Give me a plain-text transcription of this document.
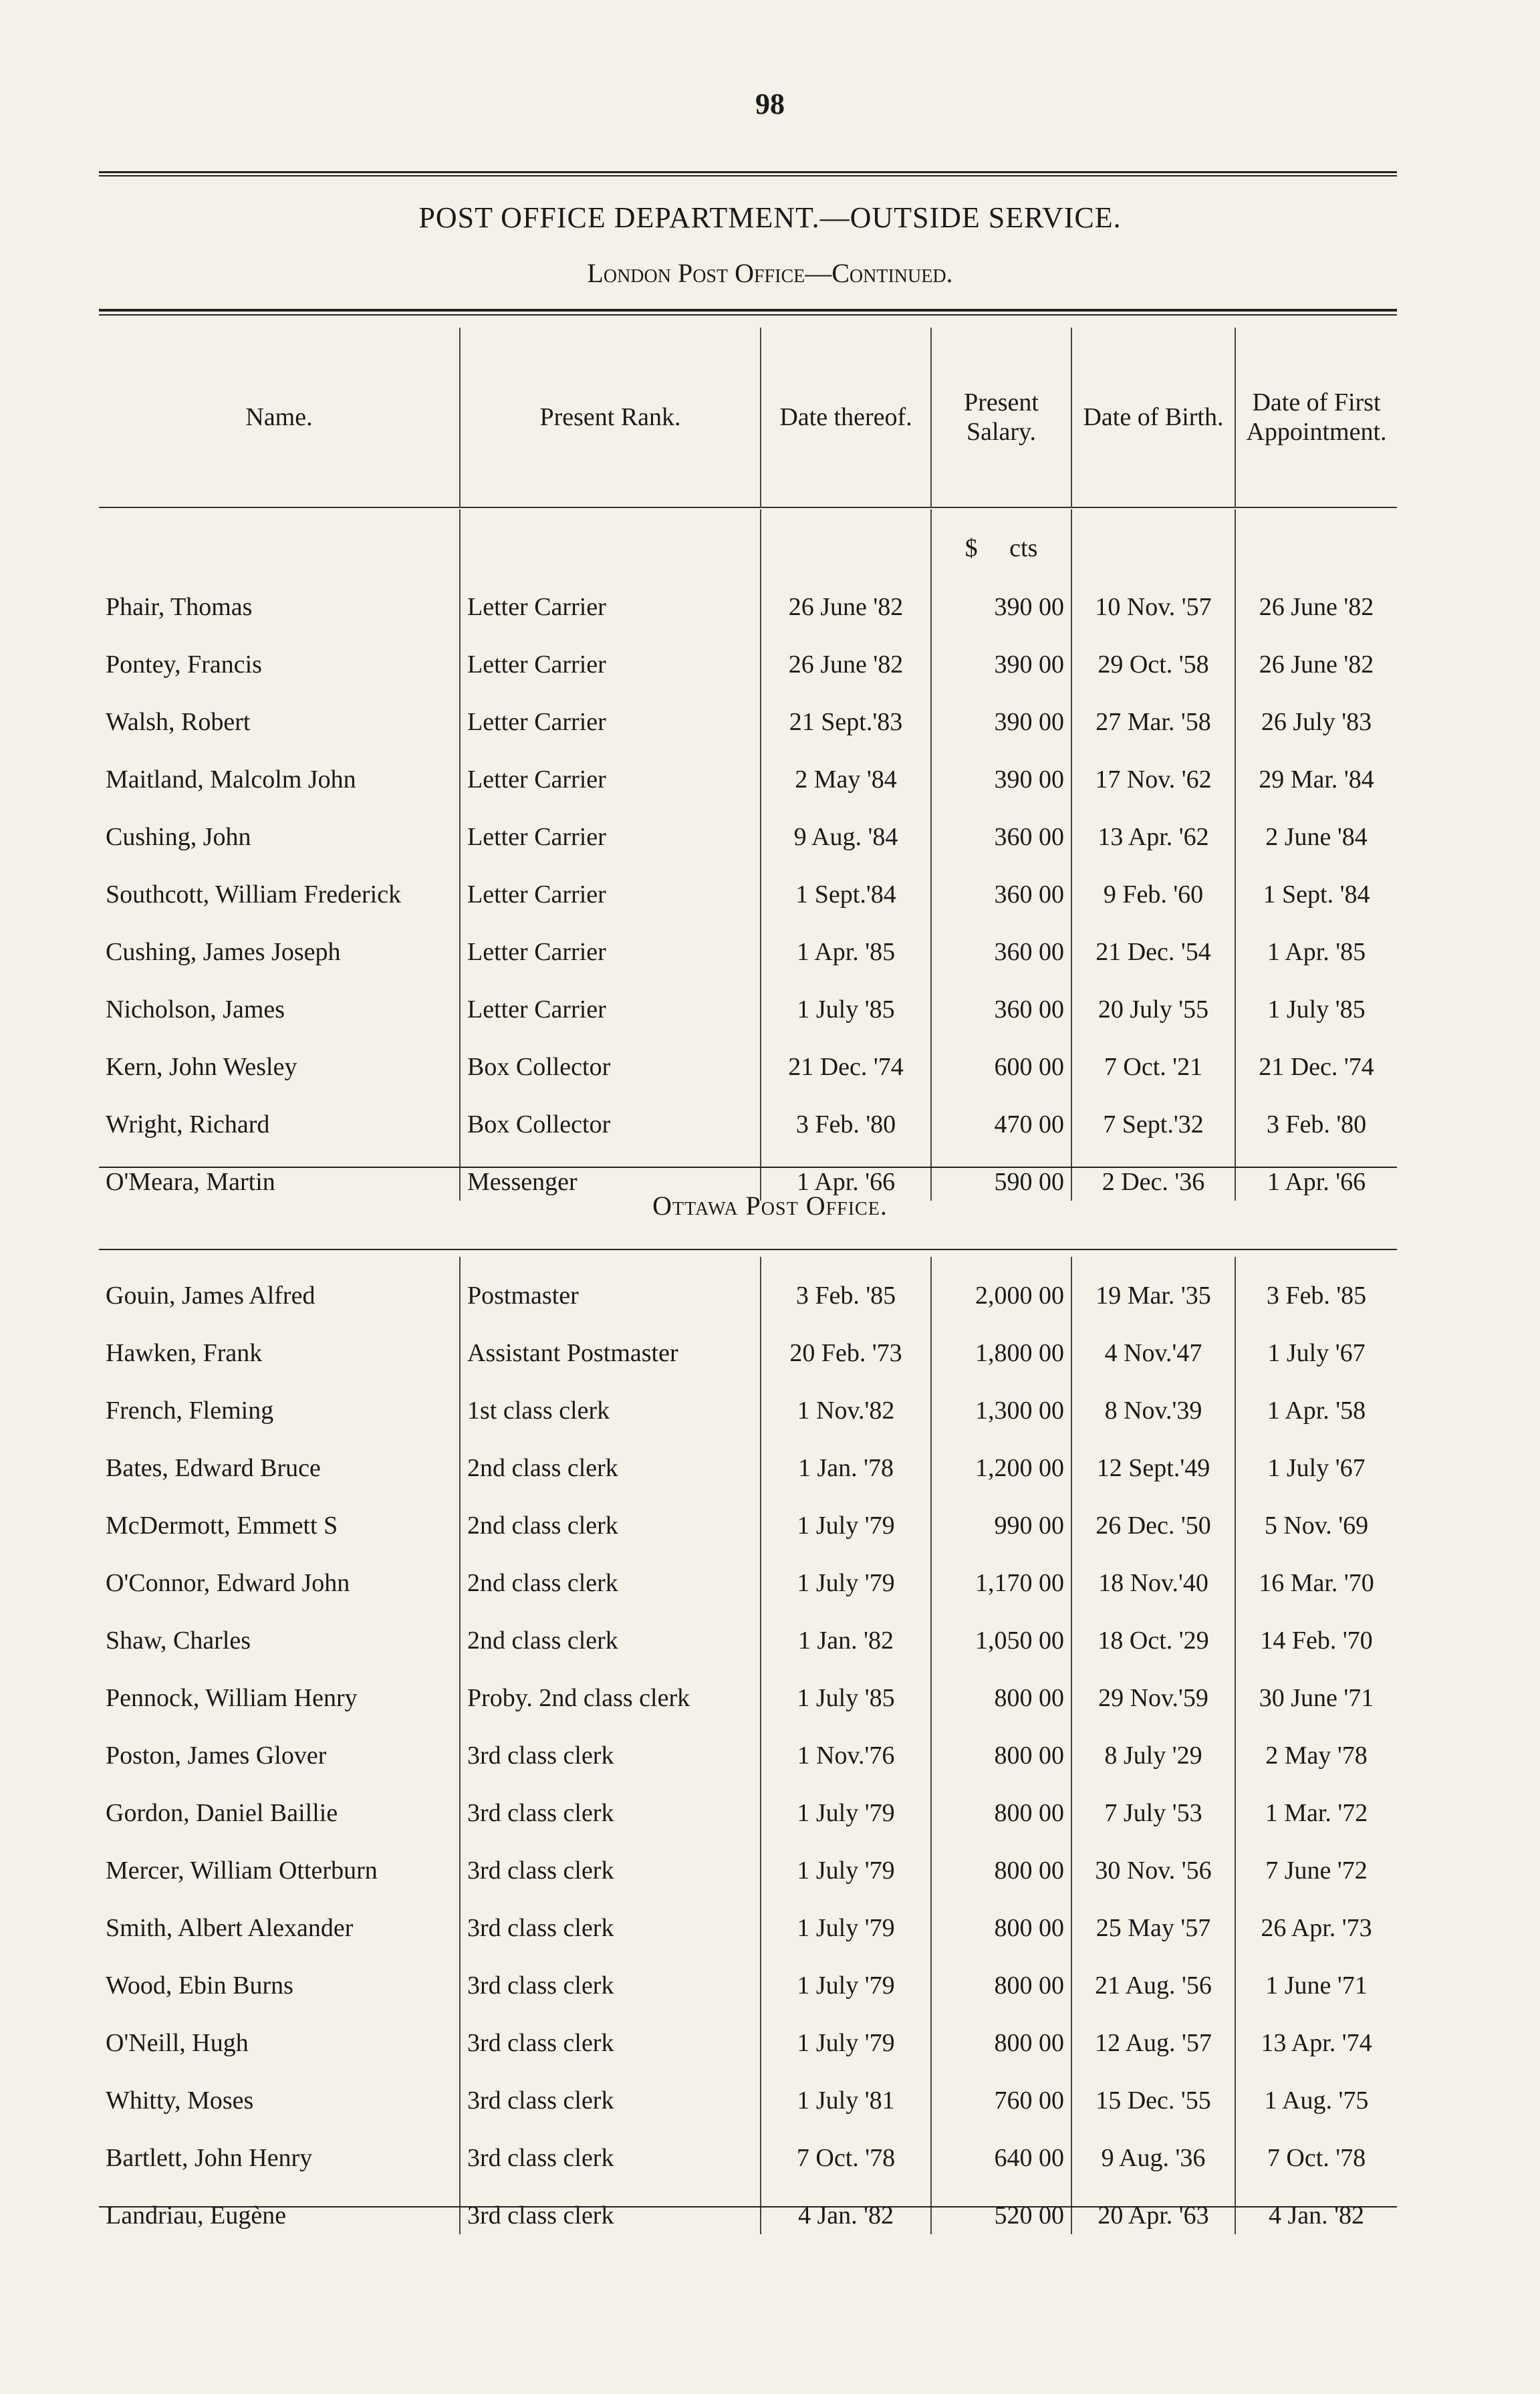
98
POST OFFICE DEPARTMENT.—OUTSIDE SERVICE.
London Post Office—Continued.
Name.	Present Rank.	Date thereof.	Present Salary.	Date of Birth.	Date of First Appointment.
			$ cts		
Phair, Thomas	Letter Carrier	26 June '82	390 00	10 Nov. '57	26 June '82
Pontey, Francis	Letter Carrier	26 June '82	390 00	29 Oct. '58	26 June '82
Walsh, Robert	Letter Carrier	21 Sept.'83	390 00	27 Mar. '58	26 July '83
Maitland, Malcolm John	Letter Carrier	2 May '84	390 00	17 Nov. '62	29 Mar. '84
Cushing, John	Letter Carrier	9 Aug. '84	360 00	13 Apr. '62	2 June '84
Southcott, William Frederick	Letter Carrier	1 Sept.'84	360 00	9 Feb. '60	1 Sept. '84
Cushing, James Joseph	Letter Carrier	1 Apr. '85	360 00	21 Dec. '54	1 Apr. '85
Nicholson, James	Letter Carrier	1 July '85	360 00	20 July '55	1 July '85
Kern, John Wesley	Box Collector	21 Dec. '74	600 00	7 Oct. '21	21 Dec. '74
Wright, Richard	Box Collector	3 Feb. '80	470 00	7 Sept.'32	3 Feb. '80
O'Meara, Martin	Messenger	1 Apr. '66	590 00	2 Dec. '36	1 Apr. '66
Ottawa Post Office.
Gouin, James Alfred	Postmaster	3 Feb. '85	2,000 00	19 Mar. '35	3 Feb. '85
Hawken, Frank	Assistant Postmaster	20 Feb. '73	1,800 00	4 Nov.'47	1 July '67
French, Fleming	1st class clerk	1 Nov.'82	1,300 00	8 Nov.'39	1 Apr. '58
Bates, Edward Bruce	2nd class clerk	1 Jan. '78	1,200 00	12 Sept.'49	1 July '67
McDermott, Emmett S	2nd class clerk	1 July '79	990 00	26 Dec. '50	5 Nov. '69
O'Connor, Edward John	2nd class clerk	1 July '79	1,170 00	18 Nov.'40	16 Mar. '70
Shaw, Charles	2nd class clerk	1 Jan. '82	1,050 00	18 Oct. '29	14 Feb. '70
Pennock, William Henry	Proby. 2nd class clerk	1 July '85	800 00	29 Nov.'59	30 June '71
Poston, James Glover	3rd class clerk	1 Nov.'76	800 00	8 July '29	2 May '78
Gordon, Daniel Baillie	3rd class clerk	1 July '79	800 00	7 July '53	1 Mar. '72
Mercer, William Otterburn	3rd class clerk	1 July '79	800 00	30 Nov. '56	7 June '72
Smith, Albert Alexander	3rd class clerk	1 July '79	800 00	25 May '57	26 Apr. '73
Wood, Ebin Burns	3rd class clerk	1 July '79	800 00	21 Aug. '56	1 June '71
O'Neill, Hugh	3rd class clerk	1 July '79	800 00	12 Aug. '57	13 Apr. '74
Whitty, Moses	3rd class clerk	1 July '81	760 00	15 Dec. '55	1 Aug. '75
Bartlett, John Henry	3rd class clerk	7 Oct. '78	640 00	9 Aug. '36	7 Oct. '78
Landriau, Eugène	3rd class clerk	4 Jan. '82	520 00	20 Apr. '63	4 Jan. '82
